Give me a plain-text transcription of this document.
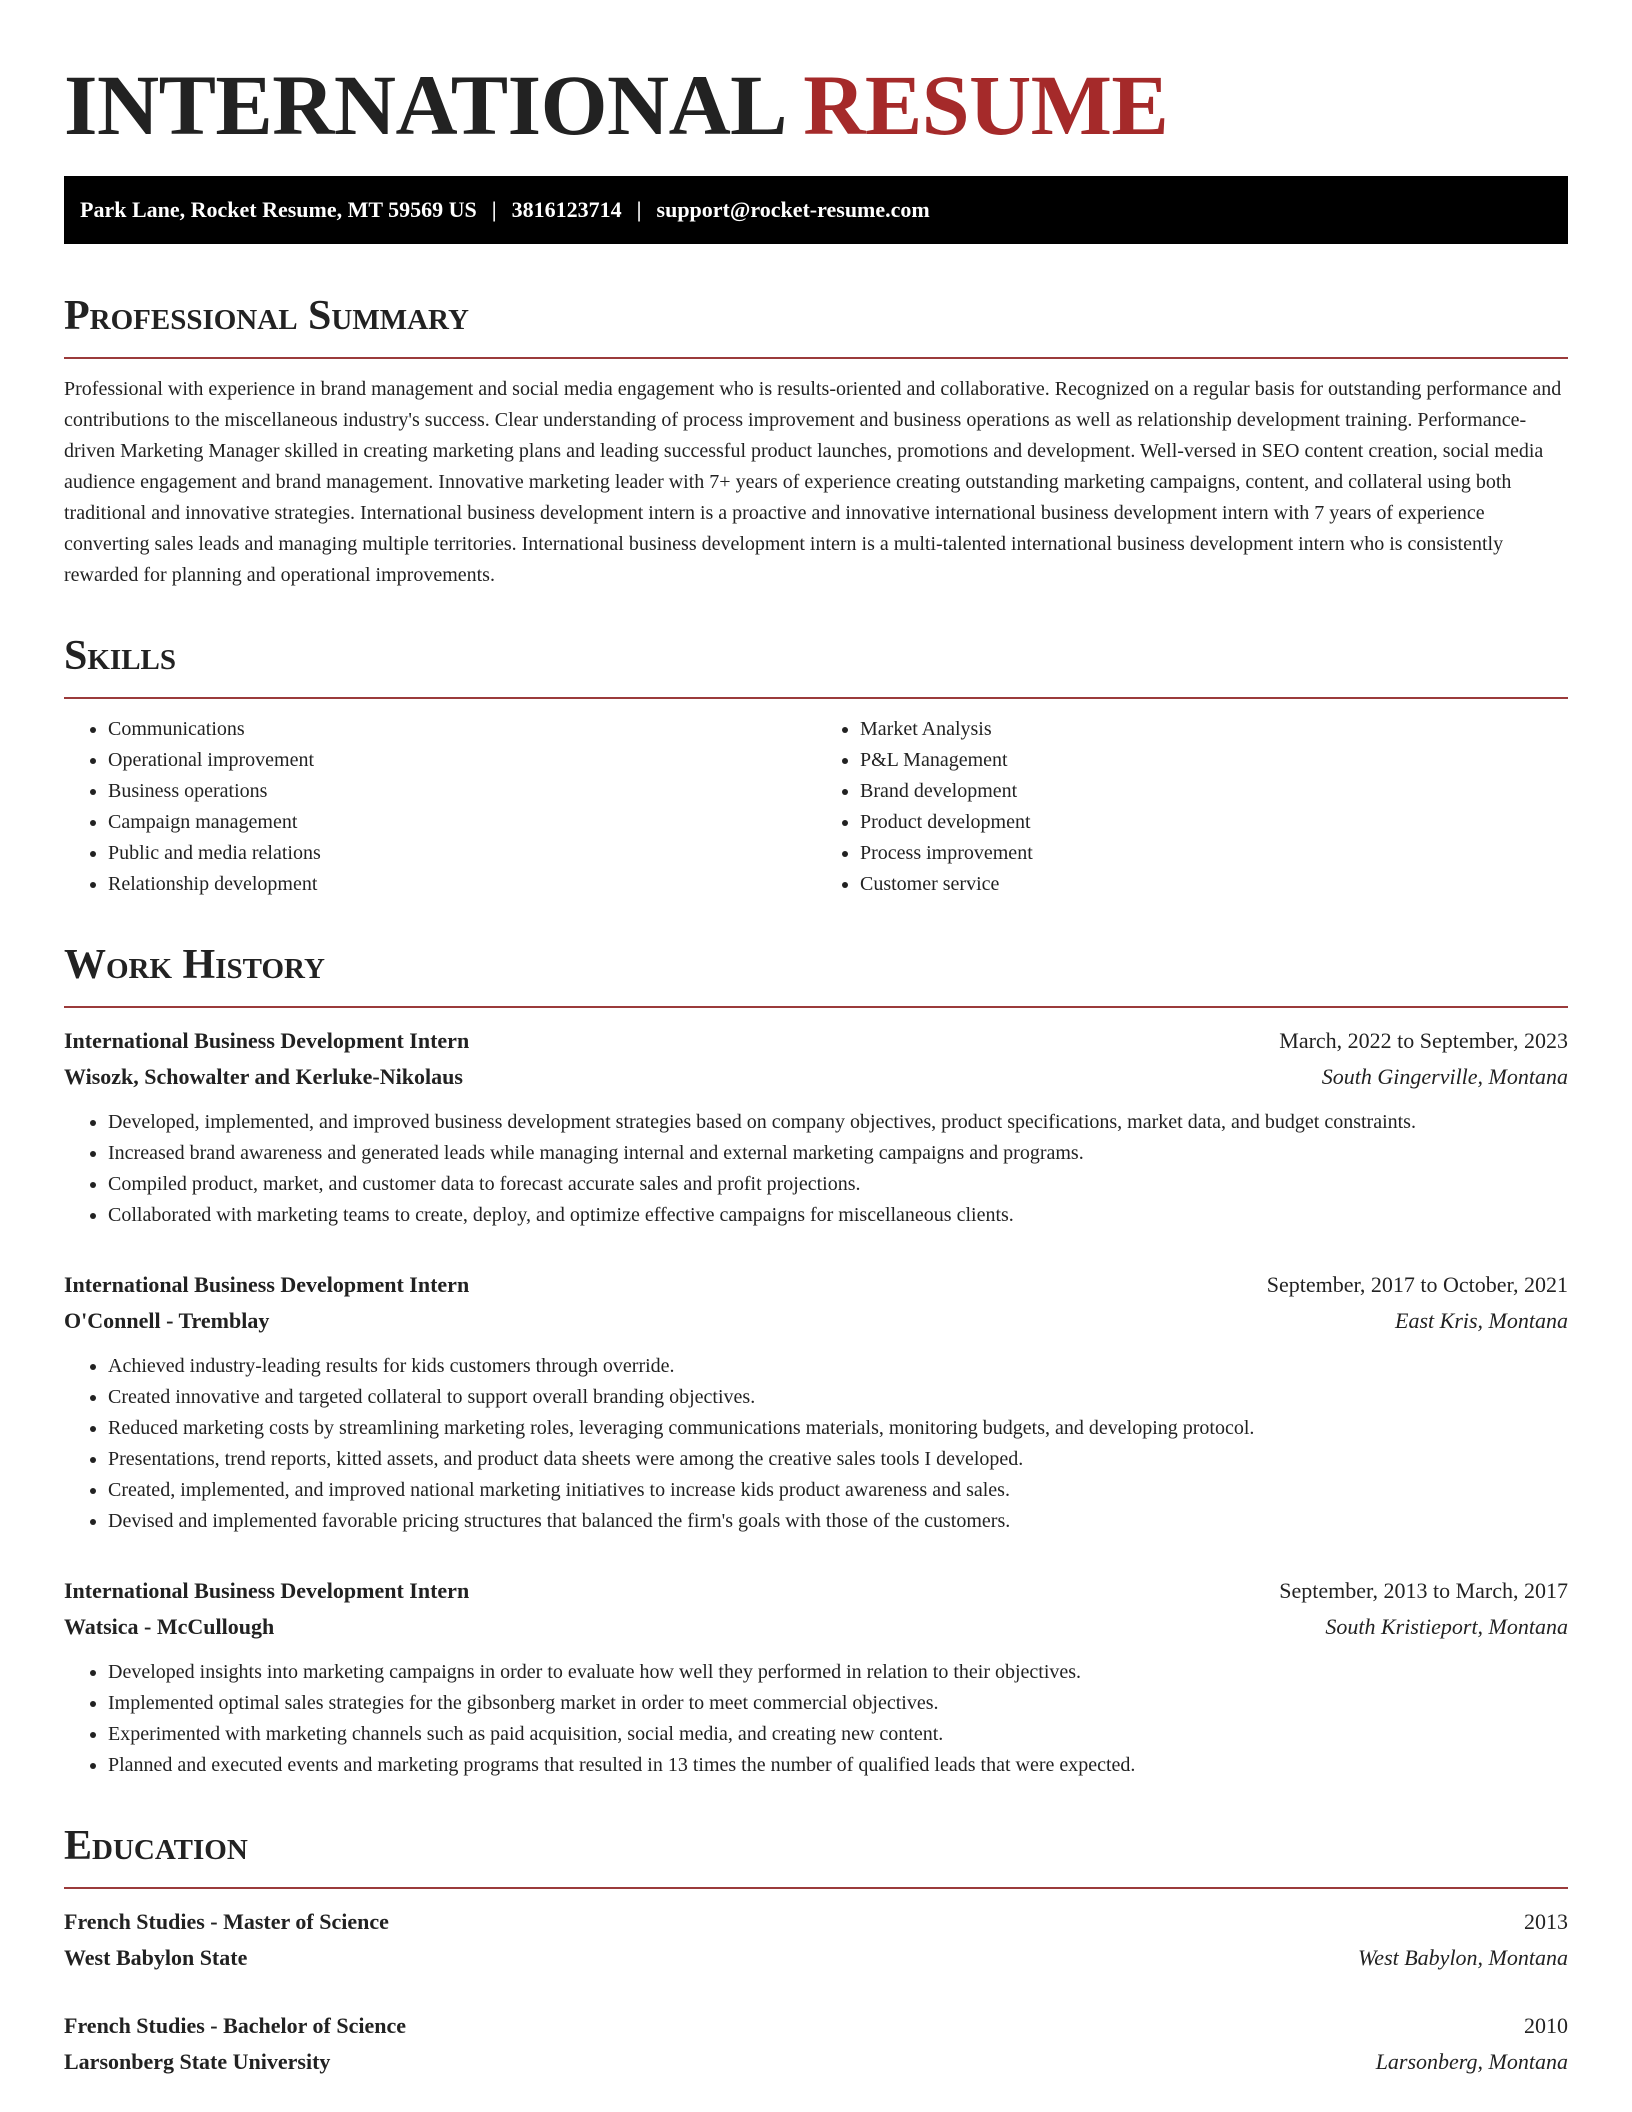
INTERNATIONAL RESUME
Park Lane, Rocket Resume, MT 59569 US | 3816123714 | support@rocket-resume.com
Professional Summary

Professional with experience in brand management and social media engagement who is results-oriented and collaborative. Recognized on a regular basis for outstanding performance and contributions to the miscellaneous industry's success. Clear understanding of process improvement and business operations as well as relationship development training. Performance-driven Marketing Manager skilled in creating marketing plans and leading successful product launches, promotions and development. Well-versed in SEO content creation, social media audience engagement and brand management. Innovative marketing leader with 7+ years of experience creating outstanding marketing campaigns, content, and collateral using both traditional and innovative strategies. International business development intern is a proactive and innovative international business development intern with 7 years of experience converting sales leads and managing multiple territories. International business development intern is a multi-talented international business development intern who is consistently rewarded for planning and operational improvements.

Skills
• Communications
• Operational improvement
• Business operations
• Campaign management
• Public and media relations
• Relationship development
• Market Analysis
• P&L Management
• Brand development
• Product development
• Process improvement
• Customer service
Work History
International Business Development Intern	March, 2022 to September, 2023
Wisozk, Schowalter and Kerluke-Nikolaus	South Gingerville, Montana
• Developed, implemented, and improved business development strategies based on company objectives, product specifications, market data, and budget constraints.
• Increased brand awareness and generated leads while managing internal and external marketing campaigns and programs.
• Compiled product, market, and customer data to forecast accurate sales and profit projections.
• Collaborated with marketing teams to create, deploy, and optimize effective campaigns for miscellaneous clients.
International Business Development Intern	September, 2017 to October, 2021
O'Connell - Tremblay	East Kris, Montana
• Achieved industry-leading results for kids customers through override.
• Created innovative and targeted collateral to support overall branding objectives.
• Reduced marketing costs by streamlining marketing roles, leveraging communications materials, monitoring budgets, and developing protocol.
• Presentations, trend reports, kitted assets, and product data sheets were among the creative sales tools I developed.
• Created, implemented, and improved national marketing initiatives to increase kids product awareness and sales.
• Devised and implemented favorable pricing structures that balanced the firm's goals with those of the customers.
International Business Development Intern	September, 2013 to March, 2017
Watsica - McCullough	South Kristieport, Montana
• Developed insights into marketing campaigns in order to evaluate how well they performed in relation to their objectives.
• Implemented optimal sales strategies for the gibsonberg market in order to meet commercial objectives.
• Experimented with marketing channels such as paid acquisition, social media, and creating new content.
• Planned and executed events and marketing programs that resulted in 13 times the number of qualified leads that were expected.
Education
French Studies - Master of Science	2013
West Babylon State	West Babylon, Montana
French Studies - Bachelor of Science	2010
Larsonberg State University	Larsonberg, Montana
